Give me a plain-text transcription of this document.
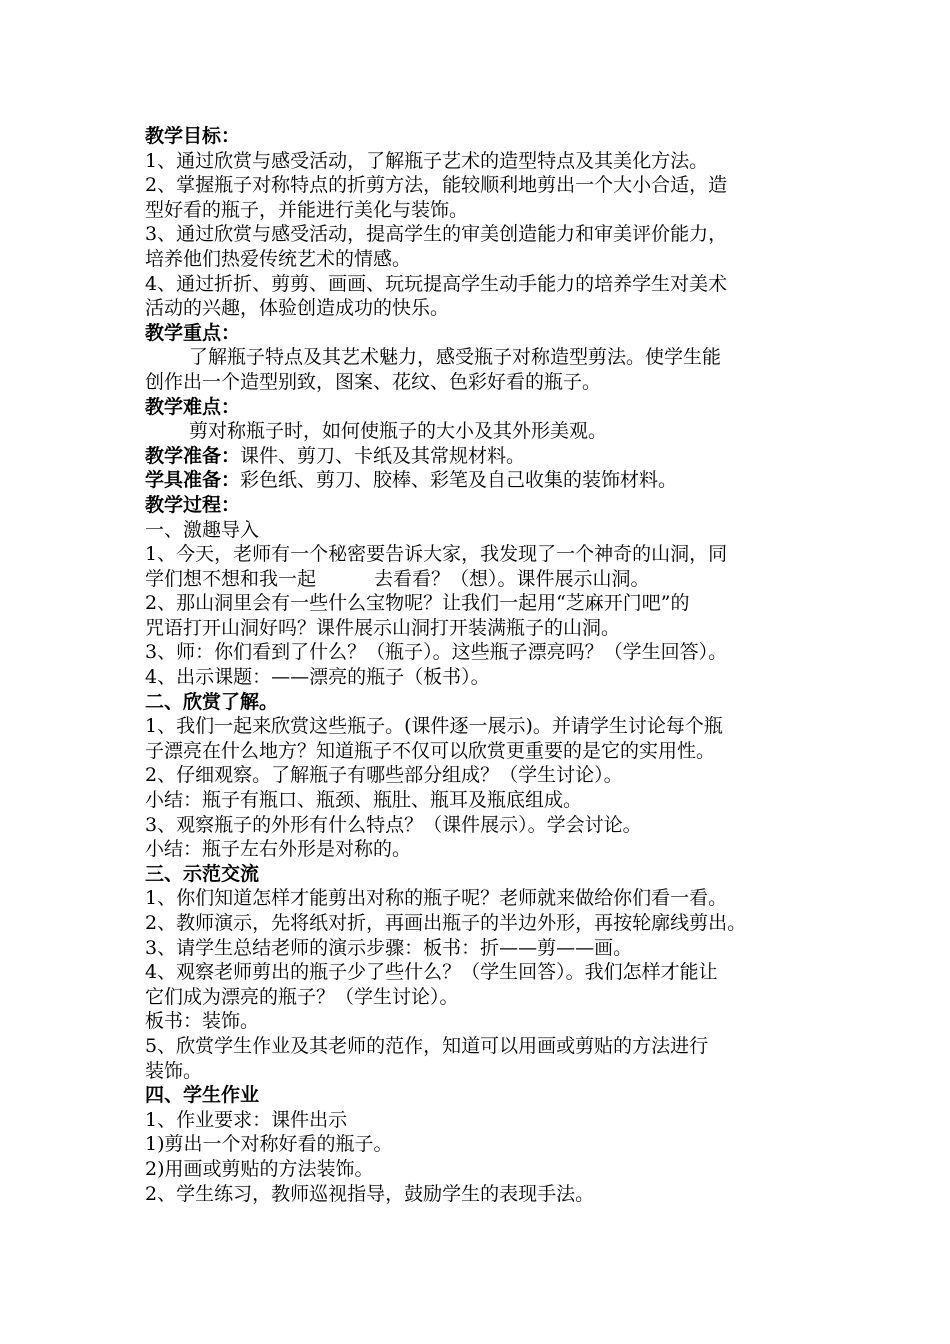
教学目标：

1、通过欣赏与感受活动，了解瓶子艺术的造型特点及其美化方法。

2、掌握瓶子对称特点的折剪方法，能较顺利地剪出一个大小合适，造

型好看的瓶子，并能进行美化与装饰。

3、通过欣赏与感受活动，提高学生的审美创造能力和审美评价能力，

培养他们热爱传统艺术的情感。

4、通过折折、剪剪、画画、玩玩提高学生动手能力的培养学生对美术

活动的兴趣，体验创造成功的快乐。

教学重点：

了解瓶子特点及其艺术魅力，感受瓶子对称造型剪法。使学生能

创作出一个造型别致，图案、花纹、色彩好看的瓶子。

教学难点：

剪对称瓶子时，如何使瓶子的大小及其外形美观。

教学准备：课件、剪刀、卡纸及其常规材料。

学具准备：彩色纸、剪刀、胶棒、彩笔及自己收集的装饰材料。

教学过程：

一、激趣导入

1、今天，老师有一个秘密要告诉大家，我发现了一个神奇的山洞，同

学们想不想和我一起	去看看？（想）。课件展示山洞。

2、那山洞里会有一些什么宝物呢？让我们一起用“芝麻开门吧”的

咒语打开山洞好吗？课件展示山洞打开装满瓶子的山洞。

3、师：你们看到了什么？（瓶子）。这些瓶子漂亮吗？（学生回答）。

4、出示课题：——漂亮的瓶子（板书）。

二、欣赏了解。

1、我们一起来欣赏这些瓶子。(课件逐一展示)。并请学生讨论每个瓶

子漂亮在什么地方？知道瓶子不仅可以欣赏更重要的是它的实用性。

2、仔细观察。了解瓶子有哪些部分组成？（学生讨论）。

小结：瓶子有瓶口、瓶颈、瓶肚、瓶耳及瓶底组成。

3、观察瓶子的外形有什么特点？（课件展示）。学会讨论。

小结：瓶子左右外形是对称的。

三、示范交流

1、你们知道怎样才能剪出对称的瓶子呢？老师就来做给你们看一看。

2、教师演示，先将纸对折，再画出瓶子的半边外形，再按轮廓线剪出。

3、请学生总结老师的演示步骤：板书：折——剪——画。

4、观察老师剪出的瓶子少了些什么？（学生回答）。我们怎样才能让

它们成为漂亮的瓶子？（学生讨论）。

板书：装饰。

5、欣赏学生作业及其老师的范作，知道可以用画或剪贴的方法进行

装饰。

四、学生作业

1、作业要求：课件出示

1)剪出一个对称好看的瓶子。

2)用画或剪贴的方法装饰。

2、学生练习，教师巡视指导，鼓励学生的表现手法。
